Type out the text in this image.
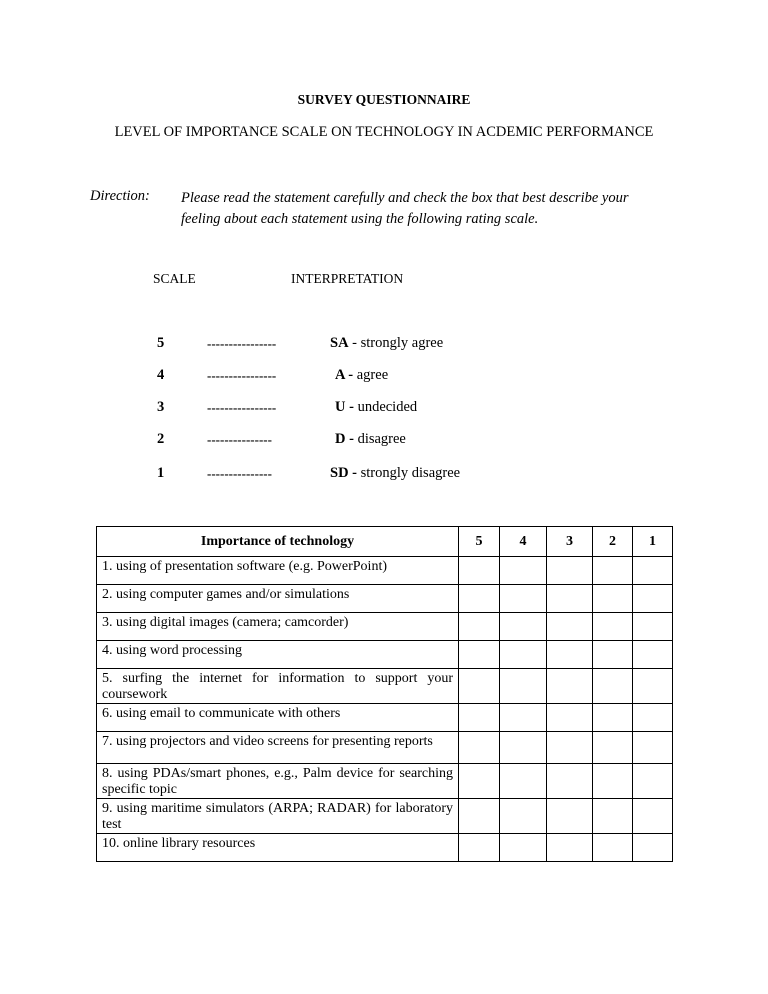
SURVEY QUESTIONNAIRE
LEVEL OF IMPORTANCE SCALE ON TECHNOLOGY IN ACDEMIC PERFORMANCE
Direction: Please read the statement carefully and check the box that best describe your feeling about each statement using the following rating scale.
SCALE	INTERPRETATION
5	----------------	SA - strongly agree
4	----------------	A - agree
3	----------------	U - undecided
2	---------------	D - disagree
1	---------------	SD - strongly disagree
Importance of technology	5	4	3	2	1
1. using of presentation software (e.g. PowerPoint)					
2. using computer games and/or simulations					
3. using digital images (camera; camcorder)					
4. using word processing					
5. surfing the internet for information to support your coursework					
6. using email to communicate with others					
7. using projectors and video screens for presenting reports					
8. using PDAs/smart phones, e.g., Palm device for searching specific topic					
9. using maritime simulators (ARPA; RADAR) for laboratory test					
10. online library resources					
